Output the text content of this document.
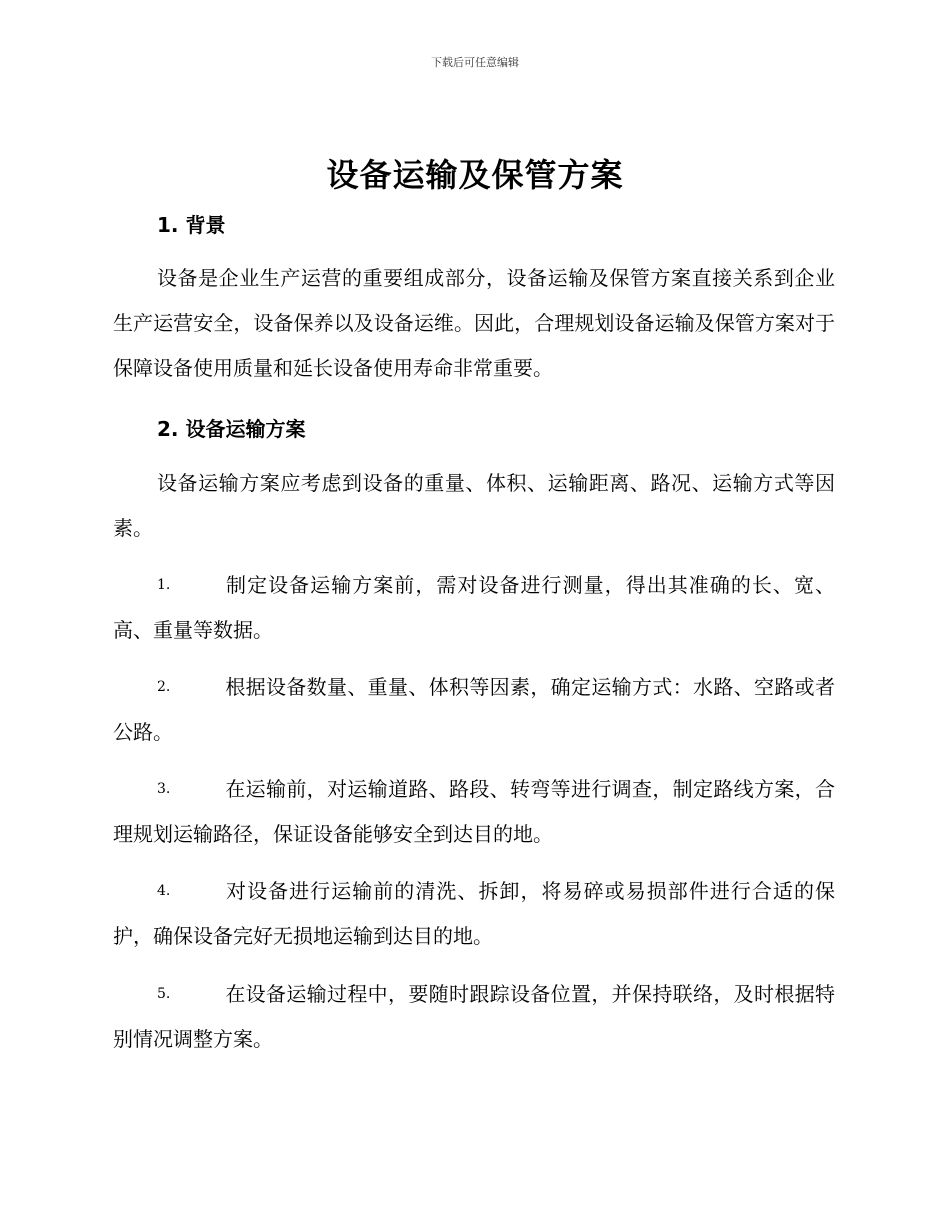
下载后可任意编辑
设备运输及保管方案
1. 背景

设备是企业生产运营的重要组成部分，设备运输及保管方案直接关系到企业生产运营安全，设备保养以及设备运维。因此，合理规划设备运输及保管方案对于保障设备使用质量和延长设备使用寿命非常重要。

2. 设备运输方案

设备运输方案应考虑到设备的重量、体积、运输距离、路况、运输方式等因素。

1.	制定设备运输方案前，需对设备进行测量，得出其准确的长、宽、高、重量等数据。
2.	根据设备数量、重量、体积等因素，确定运输方式：水路、空路或者公路。
3.	在运输前，对运输道路、路段、转弯等进行调查，制定路线方案，合理规划运输路径，保证设备能够安全到达目的地。
4.	对设备进行运输前的清洗、拆卸，将易碎或易损部件进行合适的保护，确保设备完好无损地运输到达目的地。
5.	在设备运输过程中，要随时跟踪设备位置，并保持联络，及时根据特别情况调整方案。
